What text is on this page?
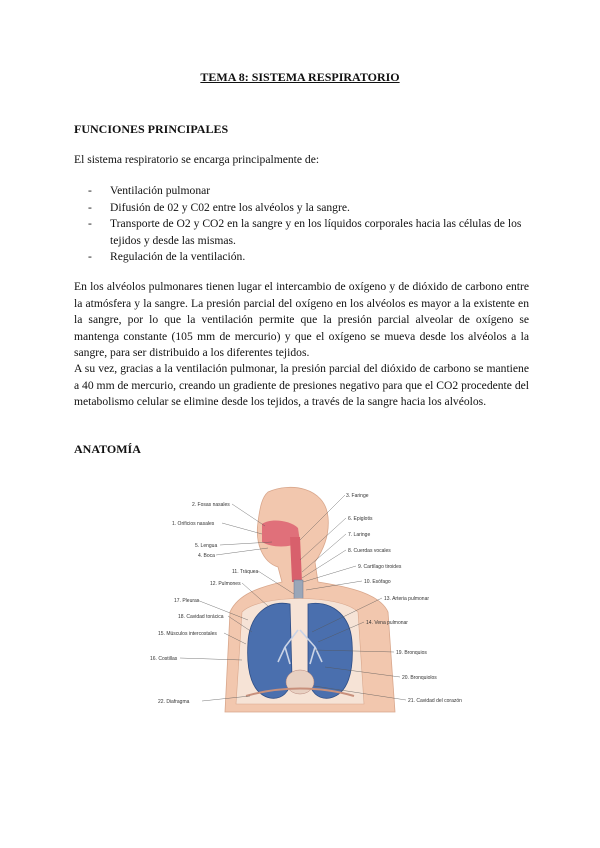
TEMA 8: SISTEMA RESPIRATORIO
FUNCIONES PRINCIPALES
El sistema respiratorio se encarga principalmente de:
- Ventilación pulmonar
- Difusión de 02 y C02 entre los alvéolos y la sangre.
- Transporte de O2 y CO2 en la sangre y en los líquidos corporales hacia las células de los tejidos y desde las mismas.
- Regulación de la ventilación.
En los alvéolos pulmonares tienen lugar el intercambio de oxígeno y de dióxido de carbono entre la atmósfera y la sangre. La presión parcial del oxígeno en los alvéolos es mayor a la existente en la sangre, por lo que la ventilación permite que la presión parcial alveolar de oxígeno se mantenga constante (105 mm de mercurio) y que el oxígeno se mueva desde los alvéolos a la sangre, para ser distribuido a los diferentes tejidos.
A su vez, gracias a la ventilación pulmonar, la presión parcial del dióxido de carbono se mantiene a 40 mm de mercurio, creando un gradiente de presiones negativo para que el CO2 procedente del metabolismo celular se elimine desde los tejidos, a través de la sangre hacia los alvéolos.
ANATOMÍA
2. Fosas nasales
1. Orificios nasales
5. Lengua
4. Boca
11. Tráquea
12. Pulmones
17. Pleuras
18. Cavidad torácica
15. Músculos intercostales
16. Costillas
22. Diafragma
3. Faringe
6. Epiglotis
7. Laringe
8. Cuerdas vocales
9. Cartílago tiroides
10. Esófago
13. Arteria pulmonar
14. Vena pulmonar
19. Bronquios
20. Bronquiolos
21. Cavidad del corazón
